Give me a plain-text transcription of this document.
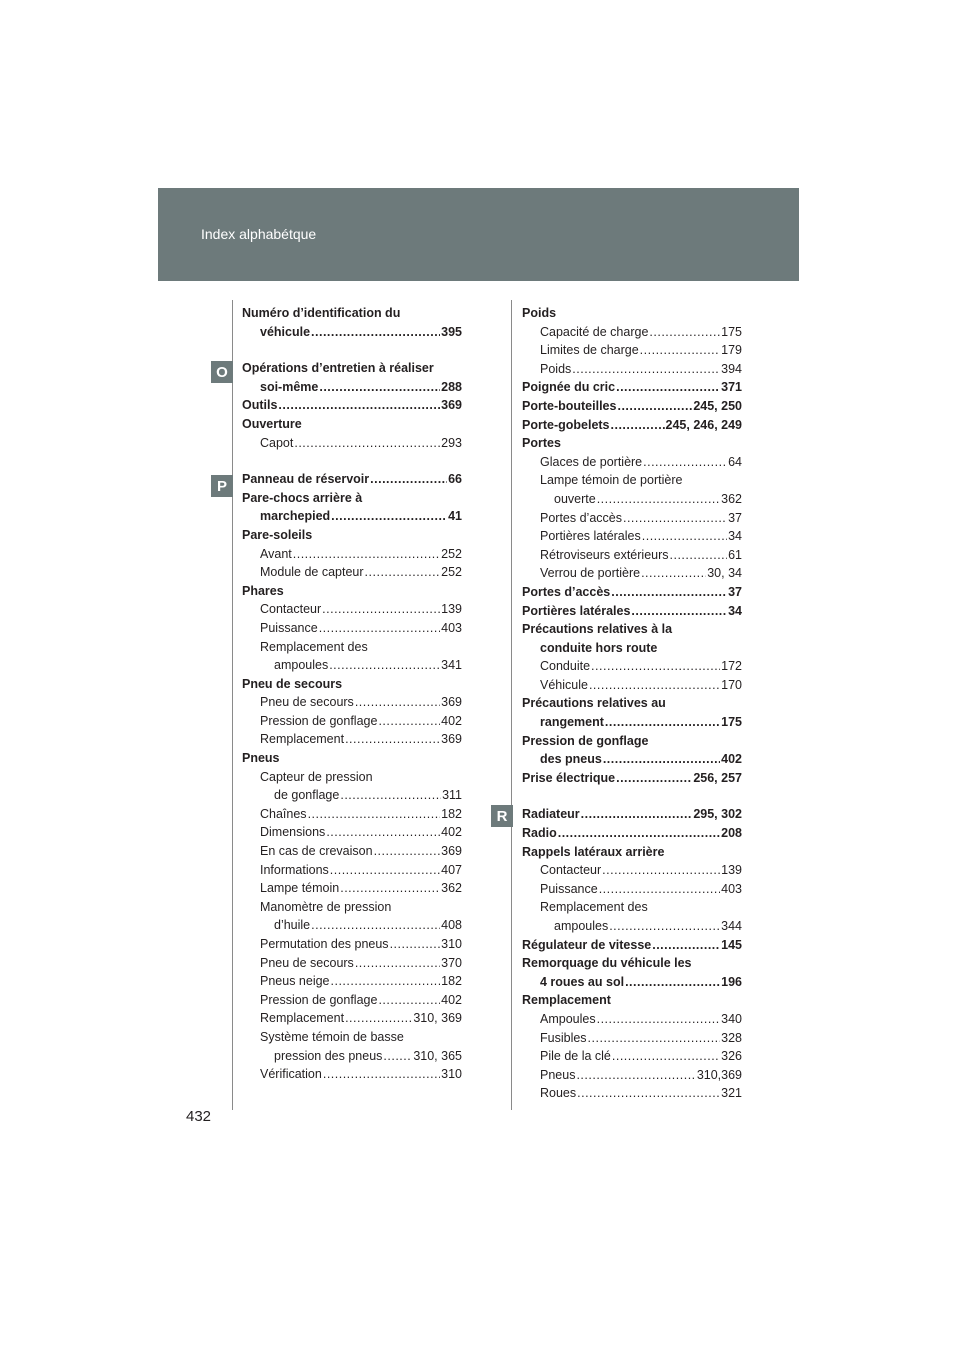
Index alphabétque
O
P
R
Numéro d’identification du
véhicule .....	395
Opérations d’entretien à réaliser
soi-même .....	288
Outils .....	369
Ouverture
Capot .....	293
Panneau de réservoir .....	66
Pare-chocs arrière à
marchepied .....	41
Pare-soleils
Avant .....	252
Module de capteur .....	252
Phares
Contacteur .....	139
Puissance .....	403
Remplacement des
ampoules .....	341
Pneu de secours
Pneu de secours .....	369
Pression de gonflage .....	402
Remplacement .....	369
Pneus
Capteur de pression
de gonflage .....	311
Chaînes .....	182
Dimensions .....	402
En cas de crevaison .....	369
Informations .....	407
Lampe témoin .....	362
Manomètre de pression
d’huile .....	408
Permutation des pneus .....	310
Pneu de secours .....	370
Pneus neige .....	182
Pression de gonflage .....	402
Remplacement .....	310, 369
Système témoin de basse
pression des pneus ..... 310, 365
Vérification .....	310
Poids
Capacité de charge .....	175
Limites de charge .....	179
Poids .....	394
Poignée du cric .....	371
Porte-bouteilles .....	245, 250
Porte-gobelets .....	245, 246, 249
Portes
Glaces de portière .....	64
Lampe témoin de portière
ouverte .....	362
Portes d’accès .....	37
Portières latérales .....	34
Rétroviseurs extérieurs .....	61
Verrou de portière .....	30, 34
Portes d’accès .....	37
Portières latérales .....	34
Précautions relatives à la
conduite hors route
Conduite .....	172
Véhicule .....	170
Précautions relatives au
rangement .....	175
Pression de gonflage
des pneus .....	402
Prise électrique .....	256, 257
Radiateur .....	295, 302
Radio .....	208
Rappels latéraux arrière
Contacteur .....	139
Puissance .....	403
Remplacement des
ampoules .....	344
Régulateur de vitesse .....	145
Remorquage du véhicule les
4 roues au sol .....	196
Remplacement
Ampoules .....	340
Fusibles .....	328
Pile de la clé .....	326
Pneus .....	310,369
Roues .....	321
432
